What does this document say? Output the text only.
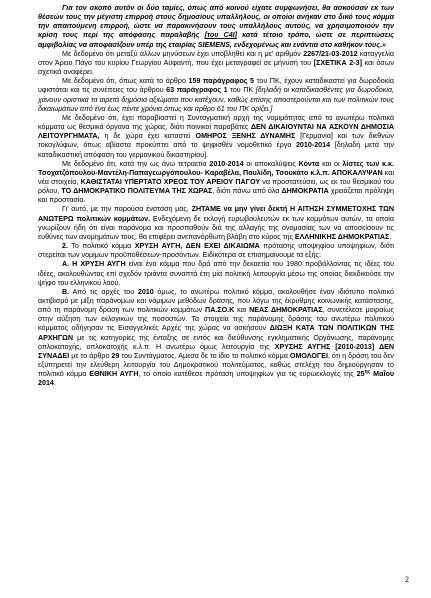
Για τον σκοπό αυτόν οι δύο ταμίες, όπως από κοινού είχατε συμφωνήσει, θα ασκούσαν εκ των θέσεών τους την μέγιστη επιρροή στους δημοσίους υπαλλήλους, οι οποίοι ανήκαν στο δικό τους κόμμα την απαιτούμενη επιρροή, ώστε να παρακινήσουν τους υπαλλήλους αυτούς, να χρησιμοποιούν την κρίση τους περί της απόφασης παραλαβής [του C4I] κατά τέτοιο τρόπο, ώστε σε περιπτώσεις αμφιβολίας να αποφασίζουν υπέρ της εταιρίας SIEMENS, ενδεχομένως και ενάντια στο καθήκον τους.»

Με δεδομένο ότι μεταξύ άλλων μηνύσεων έχει υποβληθεί και η με' αριθμόν 2267/21-03-2012 καταγγελία στον Άρειο Πάγο του κυρίου Γεωργίου Αϋφαντή, που έχει μεταγραφεί σε μήνυσή του [ΣΧΕΤΙΚΑ 2-3] και όσων σχετικά αναφέρει.

Με δεδομένο ότι, όπως κατά το άρθρο 159 παράγραφος 5 του ΠΚ, έχουν καταδικαστεί για δωροδοκία υφιστάται και τις συνέπειες του άρθρου 63 παράγραφος 1 του ΠΚ [δηλαδή οι καταδικασθέντες για δωροδοκία, χάνουν οριστικά τα αιρετά δημόσια αξιώματα που κατέχουν, καθώς επίσης αποστερούνται και των πολιτικών τους δικαιωμάτων από ένα έως πέντε χρόνια όπως και άρθρο 61 του ΠΚ ορίζει.]

Με δεδομένο ότι, έχει παραβιαστεί η Συνταγματική αρχή της νομιμότητας από τα ανωτέρω πολιτικά κόμματα ως θεσμικά όργανα της χώρας, διότι ποινικοί παραβάτες ΔΕΝ ΔΙΚΑΙΟΥΝΤΑΙ ΝΑ ΑΣΚΟΥΝ ΔΗΜΟΣΙΑ ΛΕΙΤΟΥΡΓΗΜΑΤΑ, η δε χώρα έχει καταστεί ΟΜΗΡΟΣ ΞΕΝΗΣ ΔΥΝΑΜΗΣ [Γερμανία] και των διεθνών τοκογλύφων, όπως αβίαστα προκύπτει από το ψηφισθέν νομοθετικό έργο 2010-2014 [δηλαδή μετά την καταδικαστική απόφαση του γερμανικού δικαστηρίου].

Με δεδομένο ότι, κατά την ως άνω τετραετία 2010-2014 οι αποκαλύψεις Κόντα και οι λίστες των κ.κ. Τσοχατζόπουλου-Μαντέλη-Παπαγεωργόπουλου- Καραβέλα, Παυλίδη, Τσουκάτο κ.λ.π. ΑΠΟΚΑΛΥΨΑΝ και νέα στοιχεία, ΚΑΘΙΣΤΑΤΑΙ ΥΠΕΡΤΑΤΟ ΧΡΕΟΣ ΤΟΥ ΑΡΕΙΟΥ ΠΑΓΟΥ να προστατεύσει, ως εκ του θεσμικού του ρόλου, ΤΟ ΔΗΜΟΚΡΑΤΙΚΟ ΠΟΛΙΤΕΥΜΑ ΤΗΣ ΧΩΡΑΣ, διότι πάνω από όλα ΔΗΜΟΚΡΑΤΙΑ χρειάζεται πρόληψη και προστασία.

Γι' αυτό, με την παρούσα ένσταση μας, ΖΗΤΑΜΕ να μην γίνει δεκτή Η ΑΙΤΗΣΗ ΣΥΜΜΕΤΟΧΗΣ ΤΩΝ ΑΝΩΤΕΡΩ πολιτικών κομμάτων. Ενδεχόμενη δε εκλογή ευρωβουλευτών εκ των κομμάτων αυτών, τα οποία γνωρίζουν ήδη ότι είναι παράνομα και προσπαθούν διά της αλλαγής της ονομασίας των να αποσείσουν τις ευθύνες των ανομημάτων τους, θα επιφέρει ανεπανόρθωτη βλάβη στο κύρος της ΕΛΛΗΝΙΚΗΣ ΔΗΜΟΚΡΑΤΙΑΣ.

2. Το πολιτικό κόμμα ΧΡΥΣΗ ΑΥΓΗ, ΔΕΝ ΕΧΕΙ ΔΙΚΑΙΩΜΑ πρότασης υποψηφίου υποψηφίων, διότι στερείται των νομίμων προϋποθέσεων-προσόντων. Ειδικότερα σε επισημαίνουμε τα εξής:

Α. Η ΧΡΥΣΗ ΑΥΓΗ είναι ένα κόμμα που δρά από την δεκαετία του 1980 προβάλλοντας τις ιδέες του ιδέες, ακολουθώντας επί σχεδόν τριάντα συναπτά έτη μία πολιτική λειτουργία μέσω της οποίας διεκδικούσε την ψήφο του ελληνικού λαού.

Β. Από τις αρχές του 2010 όμως, το ανωτέρω πολιτικό κόμμα, ακολουθήσε έναν ιδιότυπο πολιτικό ακτιβισμό με μίξη παράνομων και νόμιμων μεθόδων δράσης, που λόγω της έκρυθμης κοινωνικής κατάστασης, από τη παράνομη δράση των πολιτικών κομμάτων ΠΑ.ΣΟ.Κ και ΝΕΑΣ ΔΗΜΟΚΡΑΤΙΑΣ, συνετέλεσε μοιραίως στην αύξηση των εκλογικών της ποσοστών. Τα στοιχεία της παράνομης δράσης του ανωτέρω πολιτικού κόμματος οδήγησαν τις Εισαγγελικές Αρχές της χώρας να ασκήσουν ΔΙΩΞΗ ΚΑΤΑ ΤΩΝ ΠΟΛΙΤΙΚΩΝ ΤΗΣ ΑΡΧΗΓΩΝ με τις κατηγορίες της ένταξης σε εντός και διεύθυνσης εγκληματικής Οργάνωσης, παράνομης οπλοκατοχής, οπλοκατοχής κ.λ.π. Η ανωτέρω όμως λειτουργία της ΧΡΥΣΗΣ ΑΥΓΗΣ [2010-2013] ΔΕΝ ΣΥΝΑΔΕΙ με το άρθρο 29 του Συντάγματος. Αμεσα δε το ίδιο το πολιτικό κόμμα ΟΜΟΛΟΓΕΙ, ότι η δράση του δεν εξυπηρετεί την ελεύθερη λειτουργία του Δημοκρατικού πολιτεύματος, καθώς στελέχη του δημιούργησαν το πολιτικό κόμμα ΕΘΝΙΚΗ ΑΥΓΗ, το οποίο κατέθεσε πρόταση υποψηφίων για τις ευρωεκλογές της $25^{\eta\varsigma}$ Μαΐου 2014.

2
